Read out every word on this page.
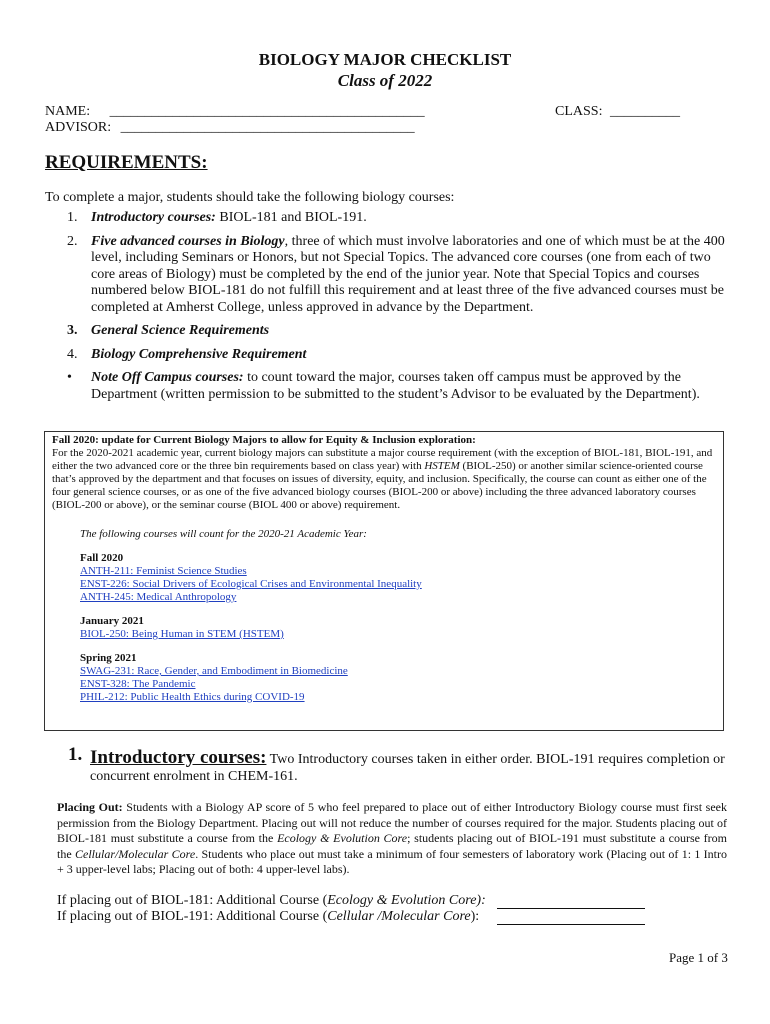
BIOLOGY MAJOR CHECKLIST
Class of 2022
NAME: _____________________________________________	CLASS: __________
ADVISOR: __________________________________________
REQUIREMENTS:
To complete a major, students should take the following biology courses:
1. Introductory courses: BIOL-181 and BIOL-191.
2. Five advanced courses in Biology, three of which must involve laboratories and one of which must be at the 400 level, including Seminars or Honors, but not Special Topics. The advanced core courses (one from each of two core areas of Biology) must be completed by the end of the junior year. Note that Special Topics and courses numbered below BIOL-181 do not fulfill this requirement and at least three of the five advanced courses must be completed at Amherst College, unless approved in advance by the Department.
3. General Science Requirements
4. Biology Comprehensive Requirement
• Note Off Campus courses: to count toward the major, courses taken off campus must be approved by the Department (written permission to be submitted to the student’s Advisor to be evaluated by the Department).
Fall 2020: update for Current Biology Majors to allow for Equity & Inclusion exploration:
For the 2020-2021 academic year, current biology majors can substitute a major course requirement (with the exception of BIOL-181, BIOL-191, and either the two advanced core or the three bin requirements based on class year) with HSTEM (BIOL-250) or another similar science-oriented course that’s approved by the department and that focuses on issues of diversity, equity, and inclusion. Specifically, the course can count as either one of the four general science courses, or as one of the five advanced biology courses (BIOL-200 or above) including the three advanced laboratory courses (BIOL-200 or above), or the seminar course (BIOL 400 or above) requirement.
The following courses will count for the 2020-21 Academic Year:
Fall 2020
ANTH-211: Feminist Science Studies
ENST-226: Social Drivers of Ecological Crises and Environmental Inequality
ANTH-245: Medical Anthropology
January 2021
BIOL-250: Being Human in STEM (HSTEM)
Spring 2021
SWAG-231: Race, Gender, and Embodiment in Biomedicine
ENST-328: The Pandemic
PHIL-212: Public Health Ethics during COVID-19
1. Introductory courses: Two Introductory courses taken in either order. BIOL-191 requires completion or concurrent enrolment in CHEM-161.
Placing Out: Students with a Biology AP score of 5 who feel prepared to place out of either Introductory Biology course must first seek permission from the Biology Department. Placing out will not reduce the number of courses required for the major. Students placing out of BIOL-181 must substitute a course from the Ecology & Evolution Core; students placing out of BIOL-191 must substitute a course from the Cellular/Molecular Core. Students who place out must take a minimum of four semesters of laboratory work (Placing out of 1: 1 Intro + 3 upper-level labs; Placing out of both: 4 upper-level labs).
If placing out of BIOL-181: Additional Course (Ecology & Evolution Core):
If placing out of BIOL-191: Additional Course (Cellular /Molecular Core):
Page 1 of 3
